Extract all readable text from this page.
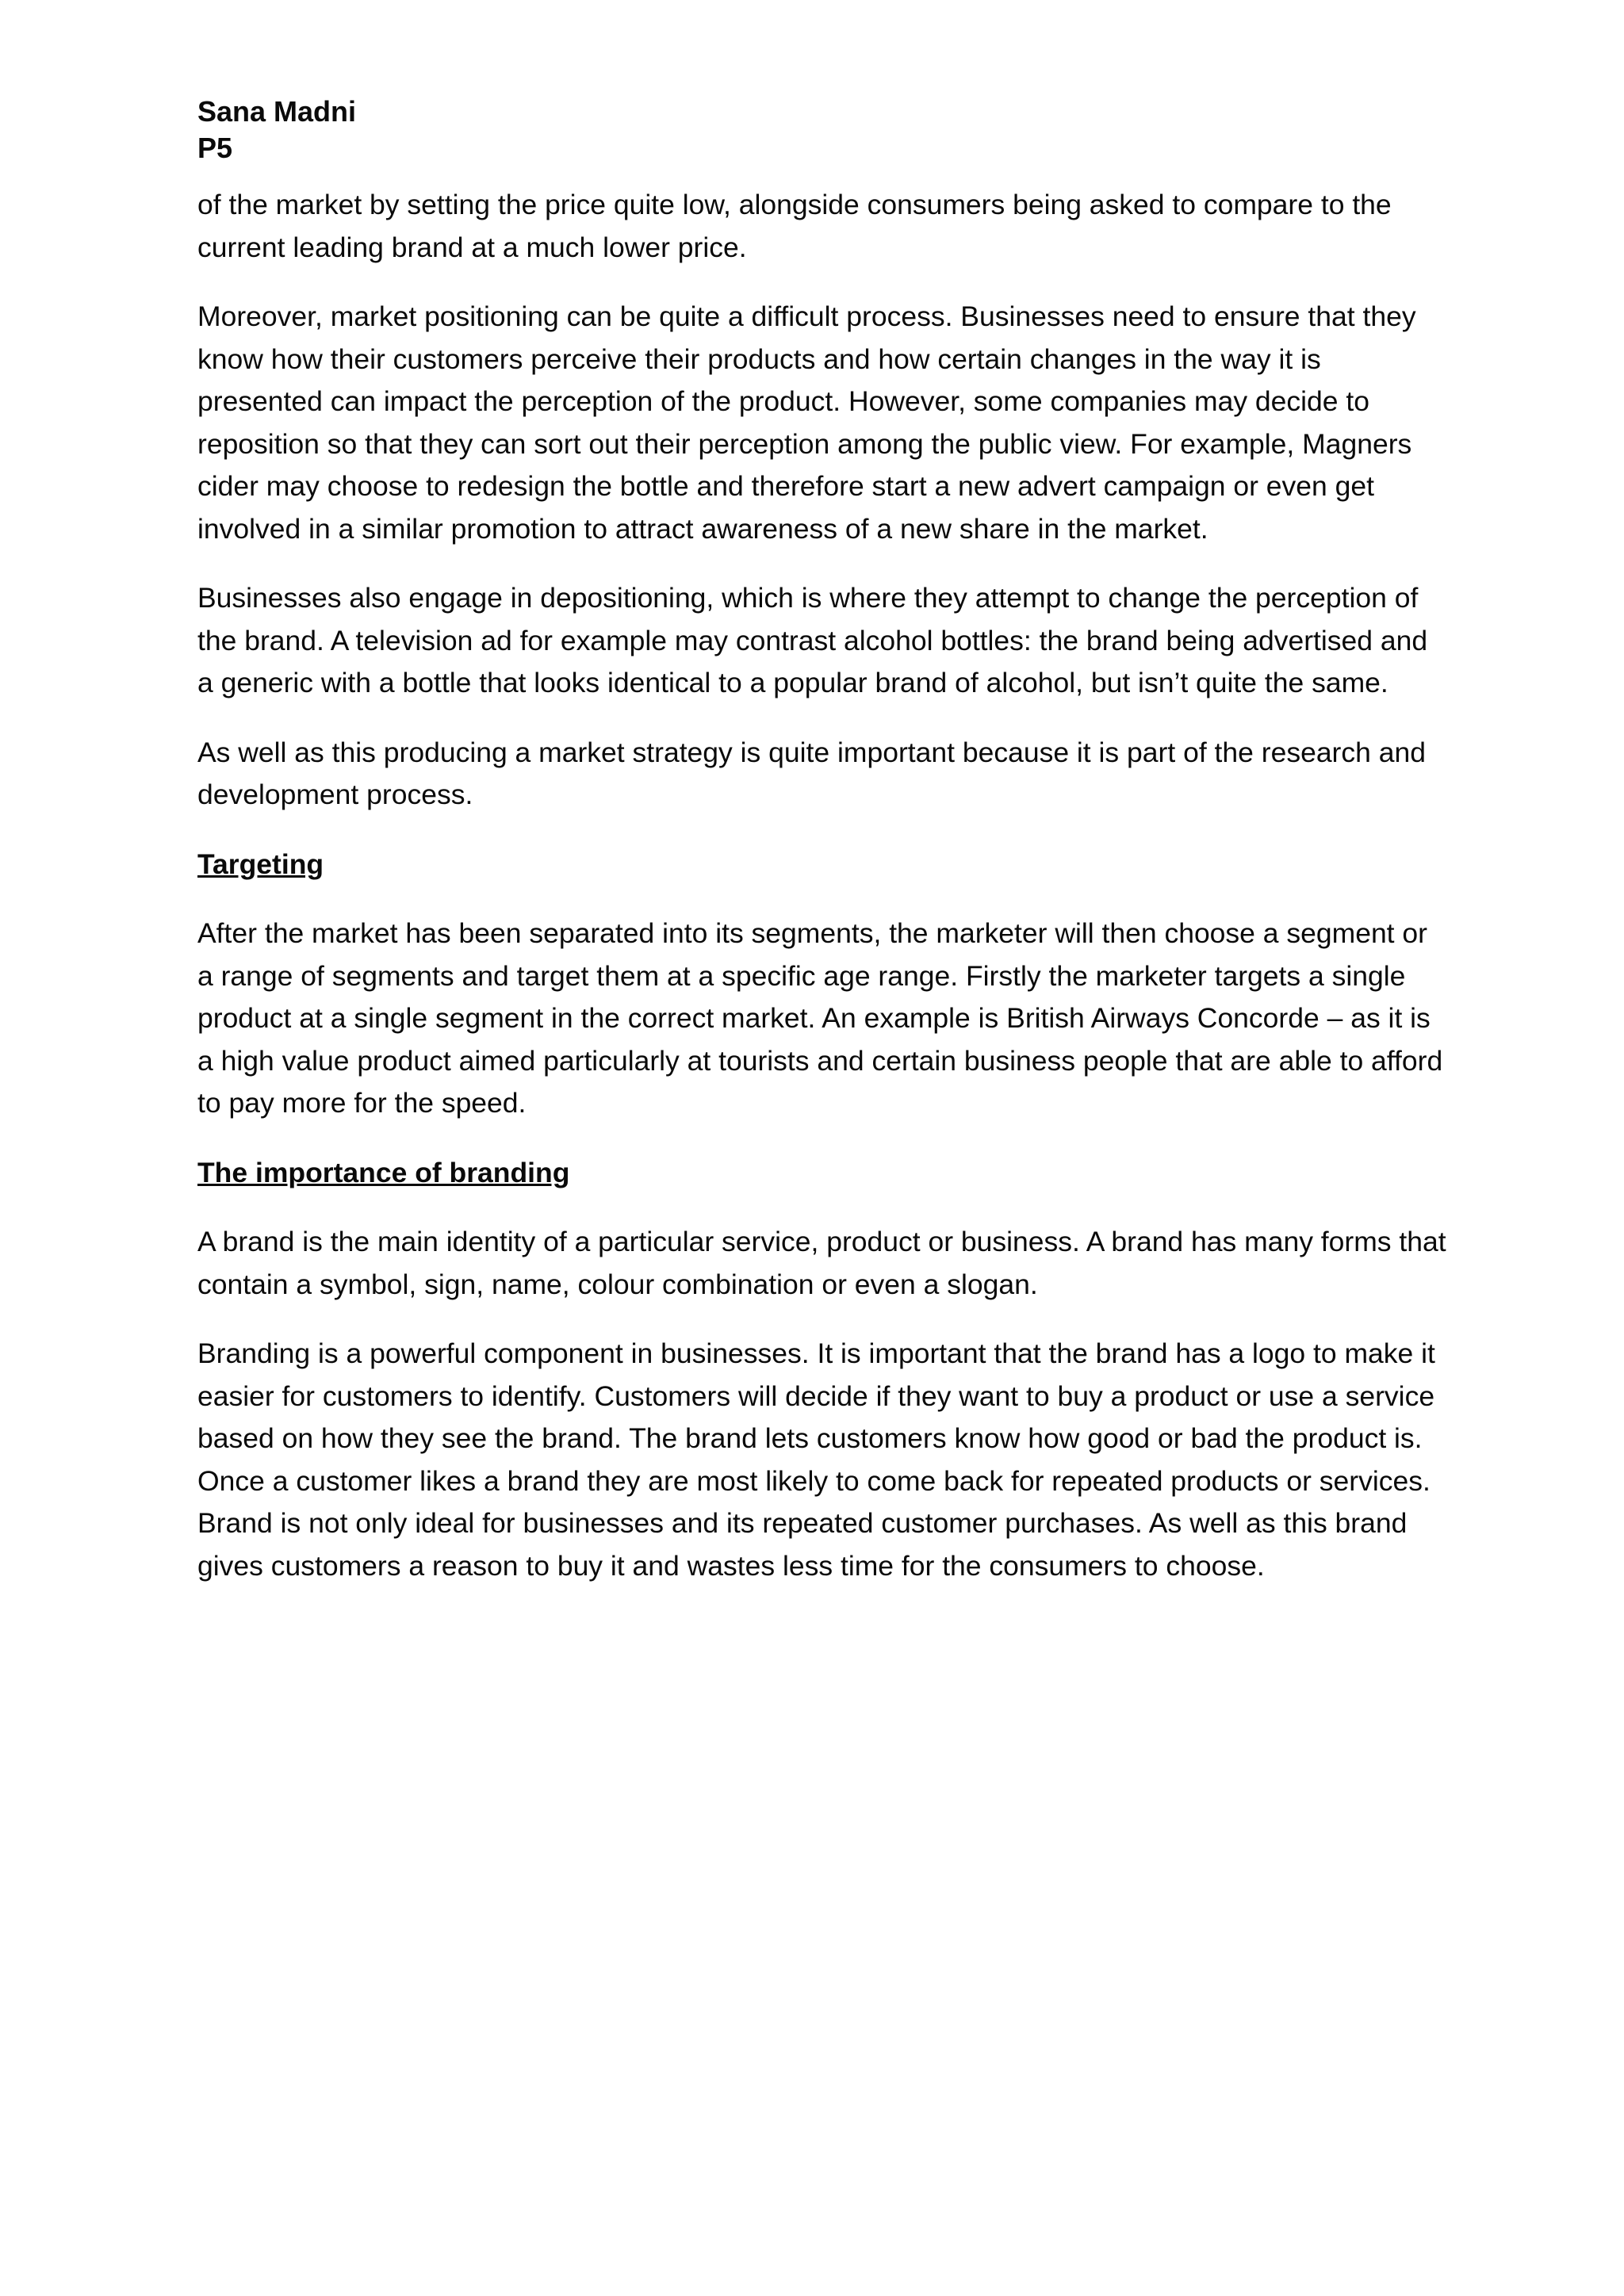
Sana Madni
P5

of the market by setting the price quite low, alongside consumers being asked to compare to the current leading brand at a much lower price.

Moreover, market positioning can be quite a difficult process. Businesses need to ensure that they know how their customers perceive their products and how certain changes in the way it is presented can impact the perception of the product. However, some companies may decide to reposition so that they can sort out their perception among the public view. For example, Magners cider may choose to redesign the bottle and therefore start a new advert campaign or even get involved in a similar promotion to attract awareness of a new share in the market.

Businesses also engage in depositioning, which is where they attempt to change the perception of the brand. A television ad for example may contrast alcohol bottles: the brand being advertised and a generic with a bottle that looks identical to a popular brand of alcohol, but isn’t quite the same.

As well as this producing a market strategy is quite important because it is part of the research and development process.

Targeting

After the market has been separated into its segments, the marketer will then choose a segment or a range of segments and target them at a specific age range. Firstly the marketer targets a single product at a single segment in the correct market. An example is British Airways Concorde – as it is a high value product aimed particularly at tourists and certain business people that are able to afford to pay more for the speed.

The importance of branding

A brand is the main identity of a particular service, product or business. A brand has many forms that contain a symbol, sign, name, colour combination or even a slogan.

Branding is a powerful component in businesses. It is important that the brand has a logo to make it easier for customers to identify. Customers will decide if they want to buy a product or use a service based on how they see the brand. The brand lets customers know how good or bad the product is. Once a customer likes a brand they are most likely to come back for repeated products or services. Brand is not only ideal for businesses and its repeated customer purchases. As well as this brand gives customers a reason to buy it and wastes less time for the consumers to choose.
